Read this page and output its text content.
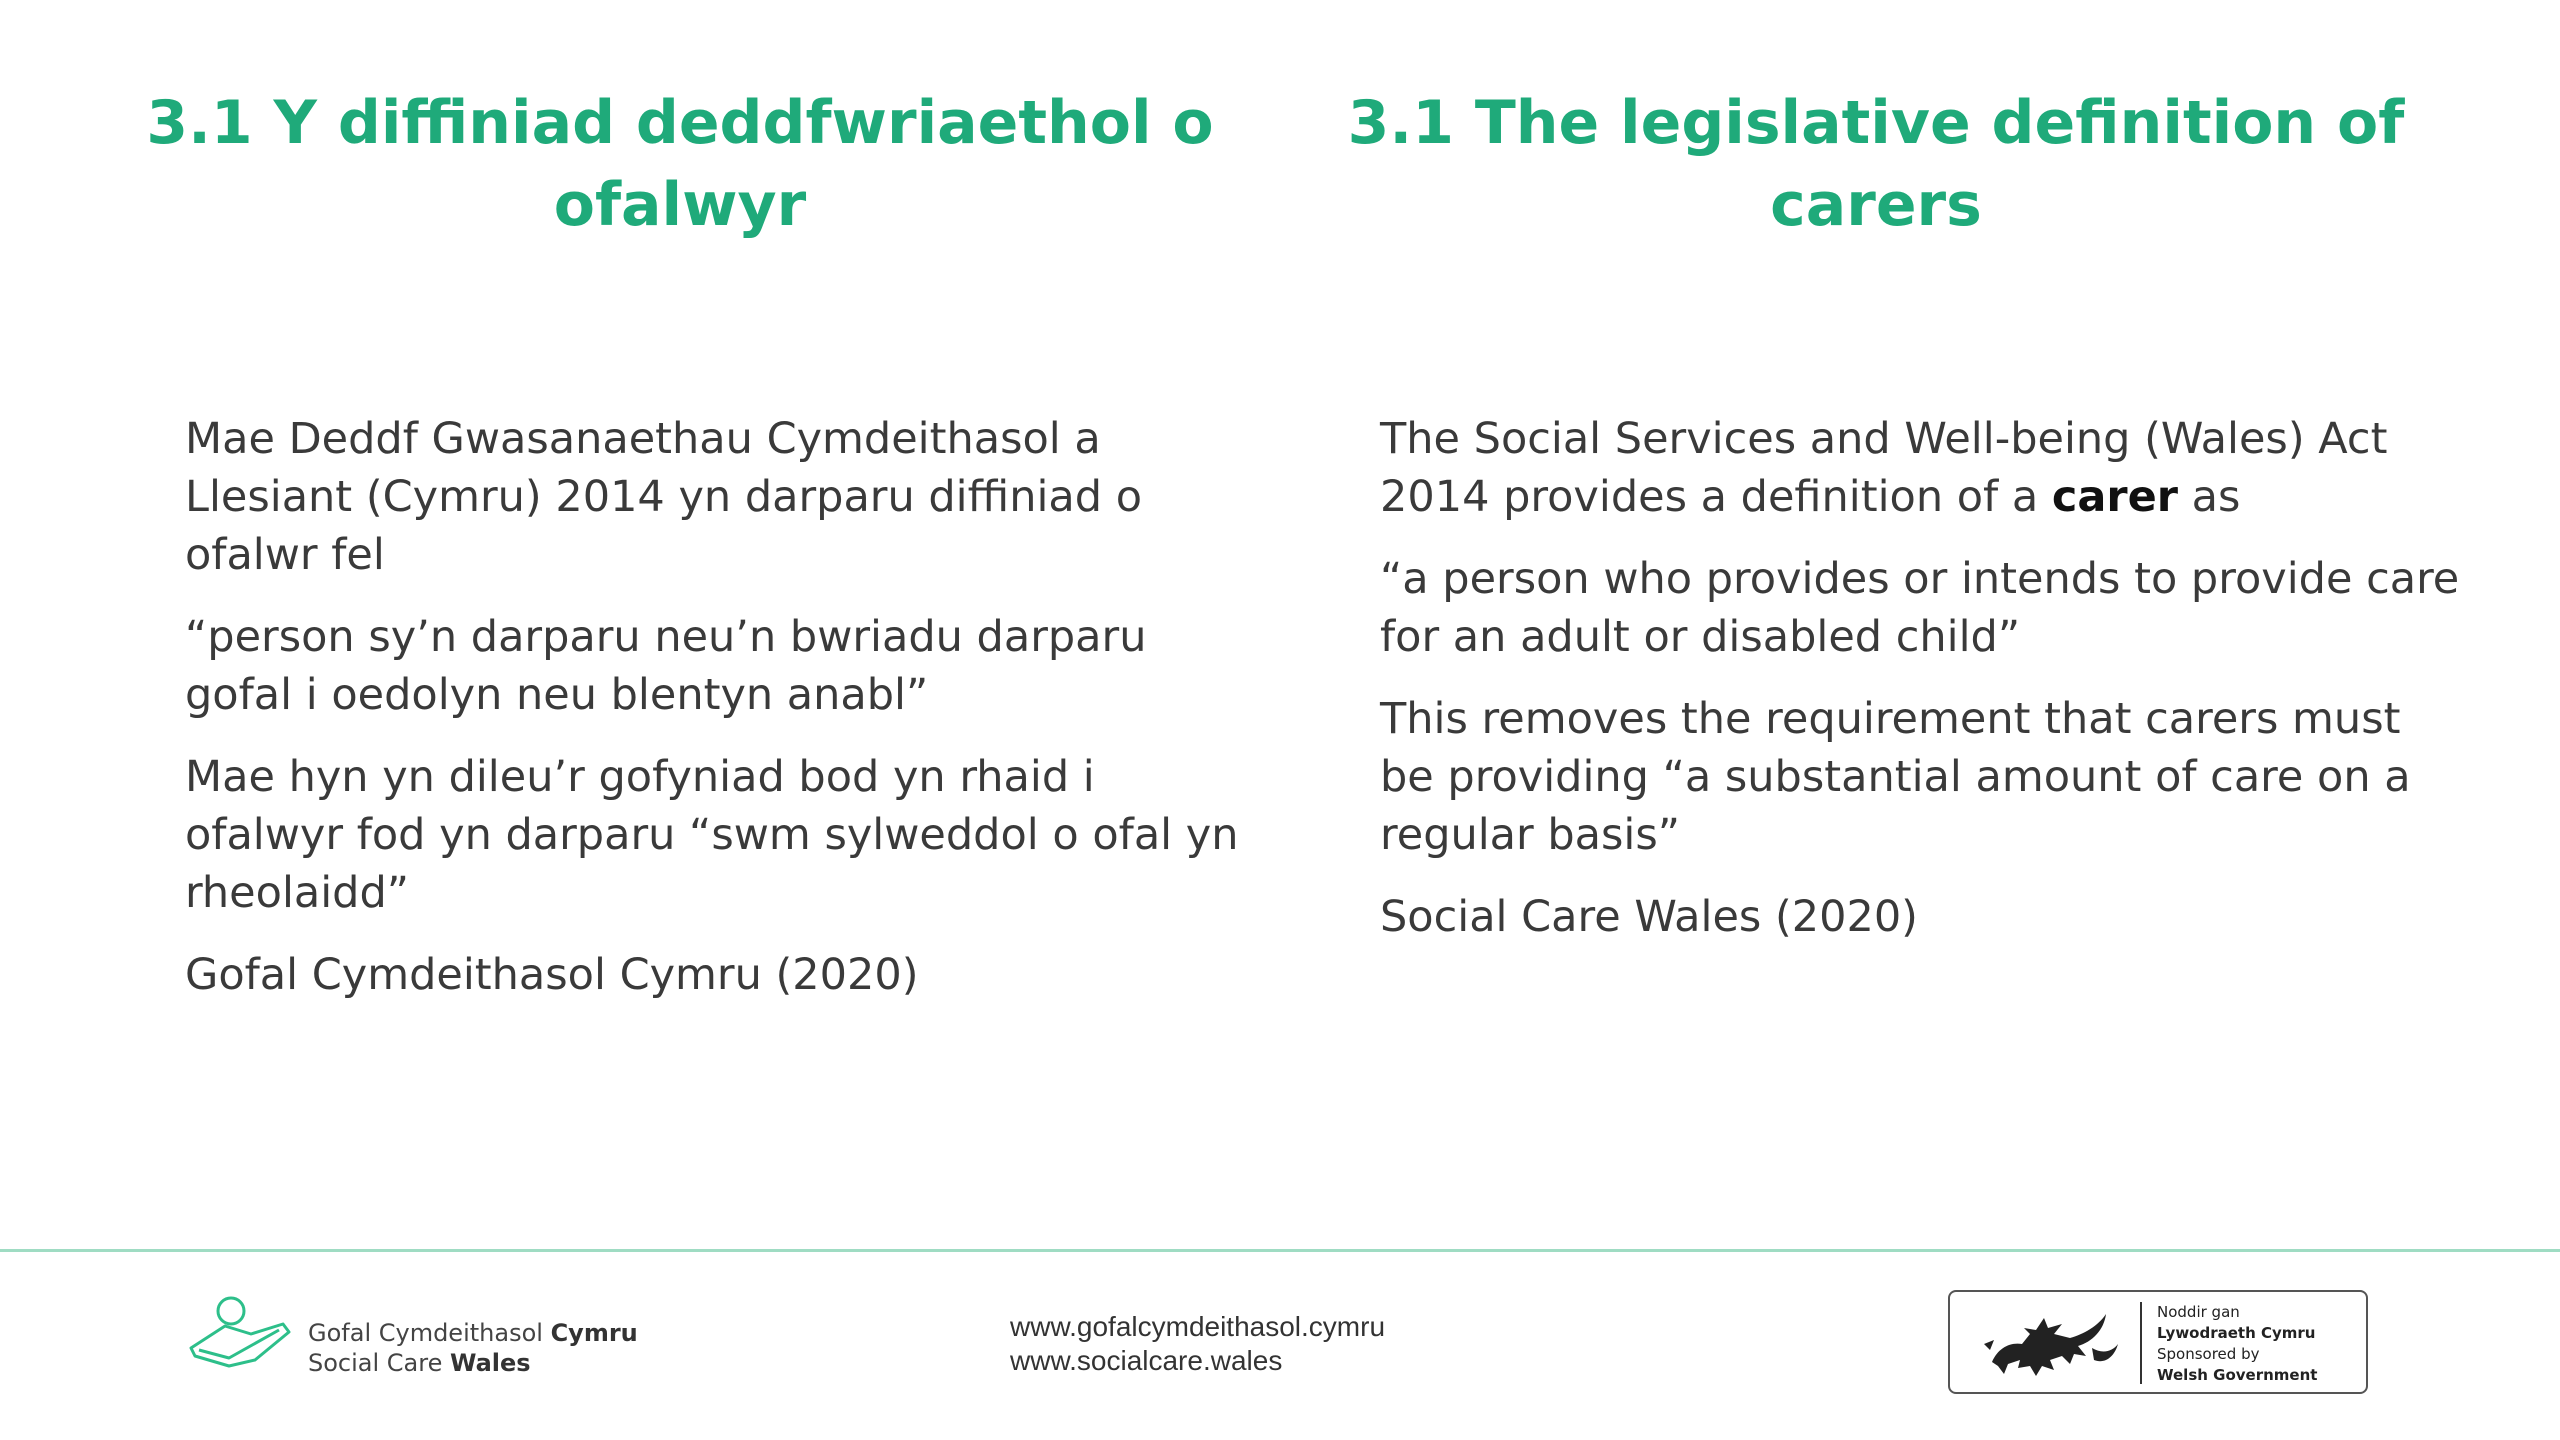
3.1 Y diffiniad deddfwriaethol o ofalwyr
3.1 The legislative definition of carers

Mae Deddf Gwasanaethau Cymdeithasol a Llesiant (Cymru) 2014 yn darparu diffiniad o ofalwr fel

“person sy’n darparu neu’n bwriadu darparu gofal i oedolyn neu blentyn anabl”

Mae hyn yn dileu’r gofyniad bod yn rhaid i ofalwyr fod yn darparu “swm sylweddol o ofal yn rheolaidd”

Gofal Cymdeithasol Cymru (2020)

The Social Services and Well-being (Wales) Act 2014 provides a definition of a carer as

“a person who provides or intends to provide care for an adult or disabled child”

This removes the requirement that carers must be providing “a substantial amount of care on a regular basis”

Social Care Wales (2020)

Gofal Cymdeithasol Cymru
Social Care Wales
www.gofalcymdeithasol.cymru
www.socialcare.wales
Noddir gan
Lywodraeth Cymru
Sponsored by
Welsh Government
